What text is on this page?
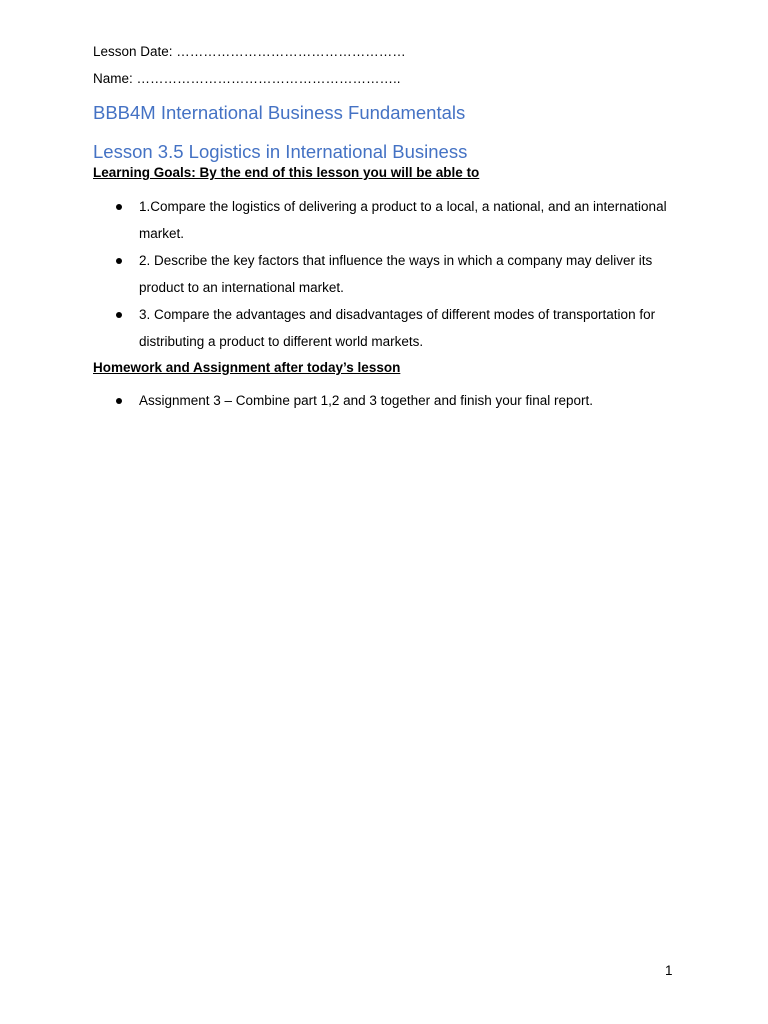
Lesson Date: ……………………………………………
Name: …………………………………………………..
BBB4M International Business Fundamentals
Lesson 3.5 Logistics in International Business
Learning Goals: By the end of this lesson you will be able to
1.Compare the logistics of delivering a product to a local, a national, and an international market.
2. Describe the key factors that influence the ways in which a company may deliver its product to an international market.
3. Compare the advantages and disadvantages of different modes of transportation for distributing a product to different world markets.
Homework and Assignment after today’s lesson
Assignment 3 – Combine part 1,2 and 3 together and finish your final report.
1
